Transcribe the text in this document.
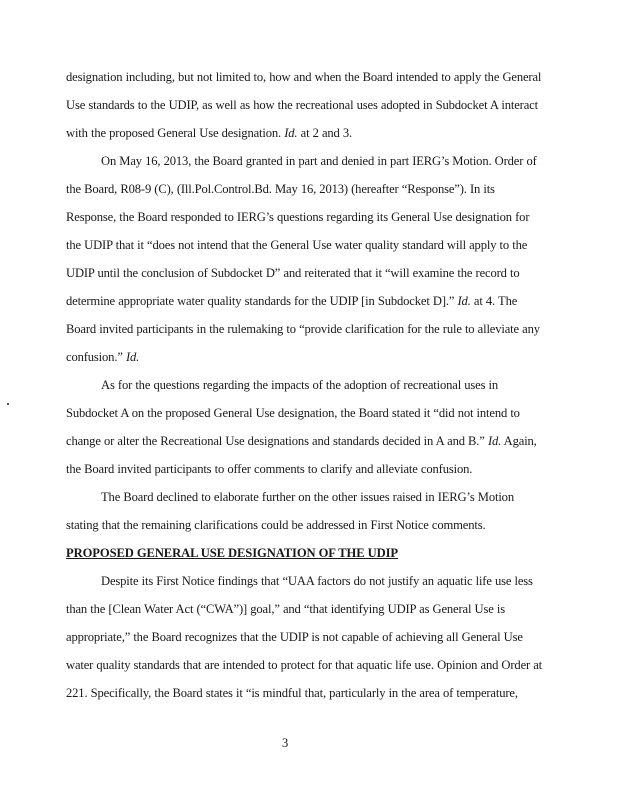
designation including, but not limited to, how and when the Board intended to apply the General
Use standards to the UDIP, as well as how the recreational uses adopted in Subdocket A interact
with the proposed General Use designation. Id. at 2 and 3.
On May 16, 2013, the Board granted in part and denied in part IERG’s Motion. Order of
the Board, R08-9 (C), (Ill.Pol.Control.Bd. May 16, 2013) (hereafter “Response”). In its
Response, the Board responded to IERG’s questions regarding its General Use designation for
the UDIP that it “does not intend that the General Use water quality standard will apply to the
UDIP until the conclusion of Subdocket D” and reiterated that it “will examine the record to
determine appropriate water quality standards for the UDIP [in Subdocket D].” Id. at 4. The
Board invited participants in the rulemaking to “provide clarification for the rule to alleviate any
confusion.” Id.
As for the questions regarding the impacts of the adoption of recreational uses in
Subdocket A on the proposed General Use designation, the Board stated it “did not intend to
change or alter the Recreational Use designations and standards decided in A and B.” Id. Again,
the Board invited participants to offer comments to clarify and alleviate confusion.
The Board declined to elaborate further on the other issues raised in IERG’s Motion
stating that the remaining clarifications could be addressed in First Notice comments.
PROPOSED GENERAL USE DESIGNATION OF THE UDIP
Despite its First Notice findings that “UAA factors do not justify an aquatic life use less
than the [Clean Water Act (“CWA”)] goal,” and “that identifying UDIP as General Use is
appropriate,” the Board recognizes that the UDIP is not capable of achieving all General Use
water quality standards that are intended to protect for that aquatic life use. Opinion and Order at
221. Specifically, the Board states it “is mindful that, particularly in the area of temperature,
3
